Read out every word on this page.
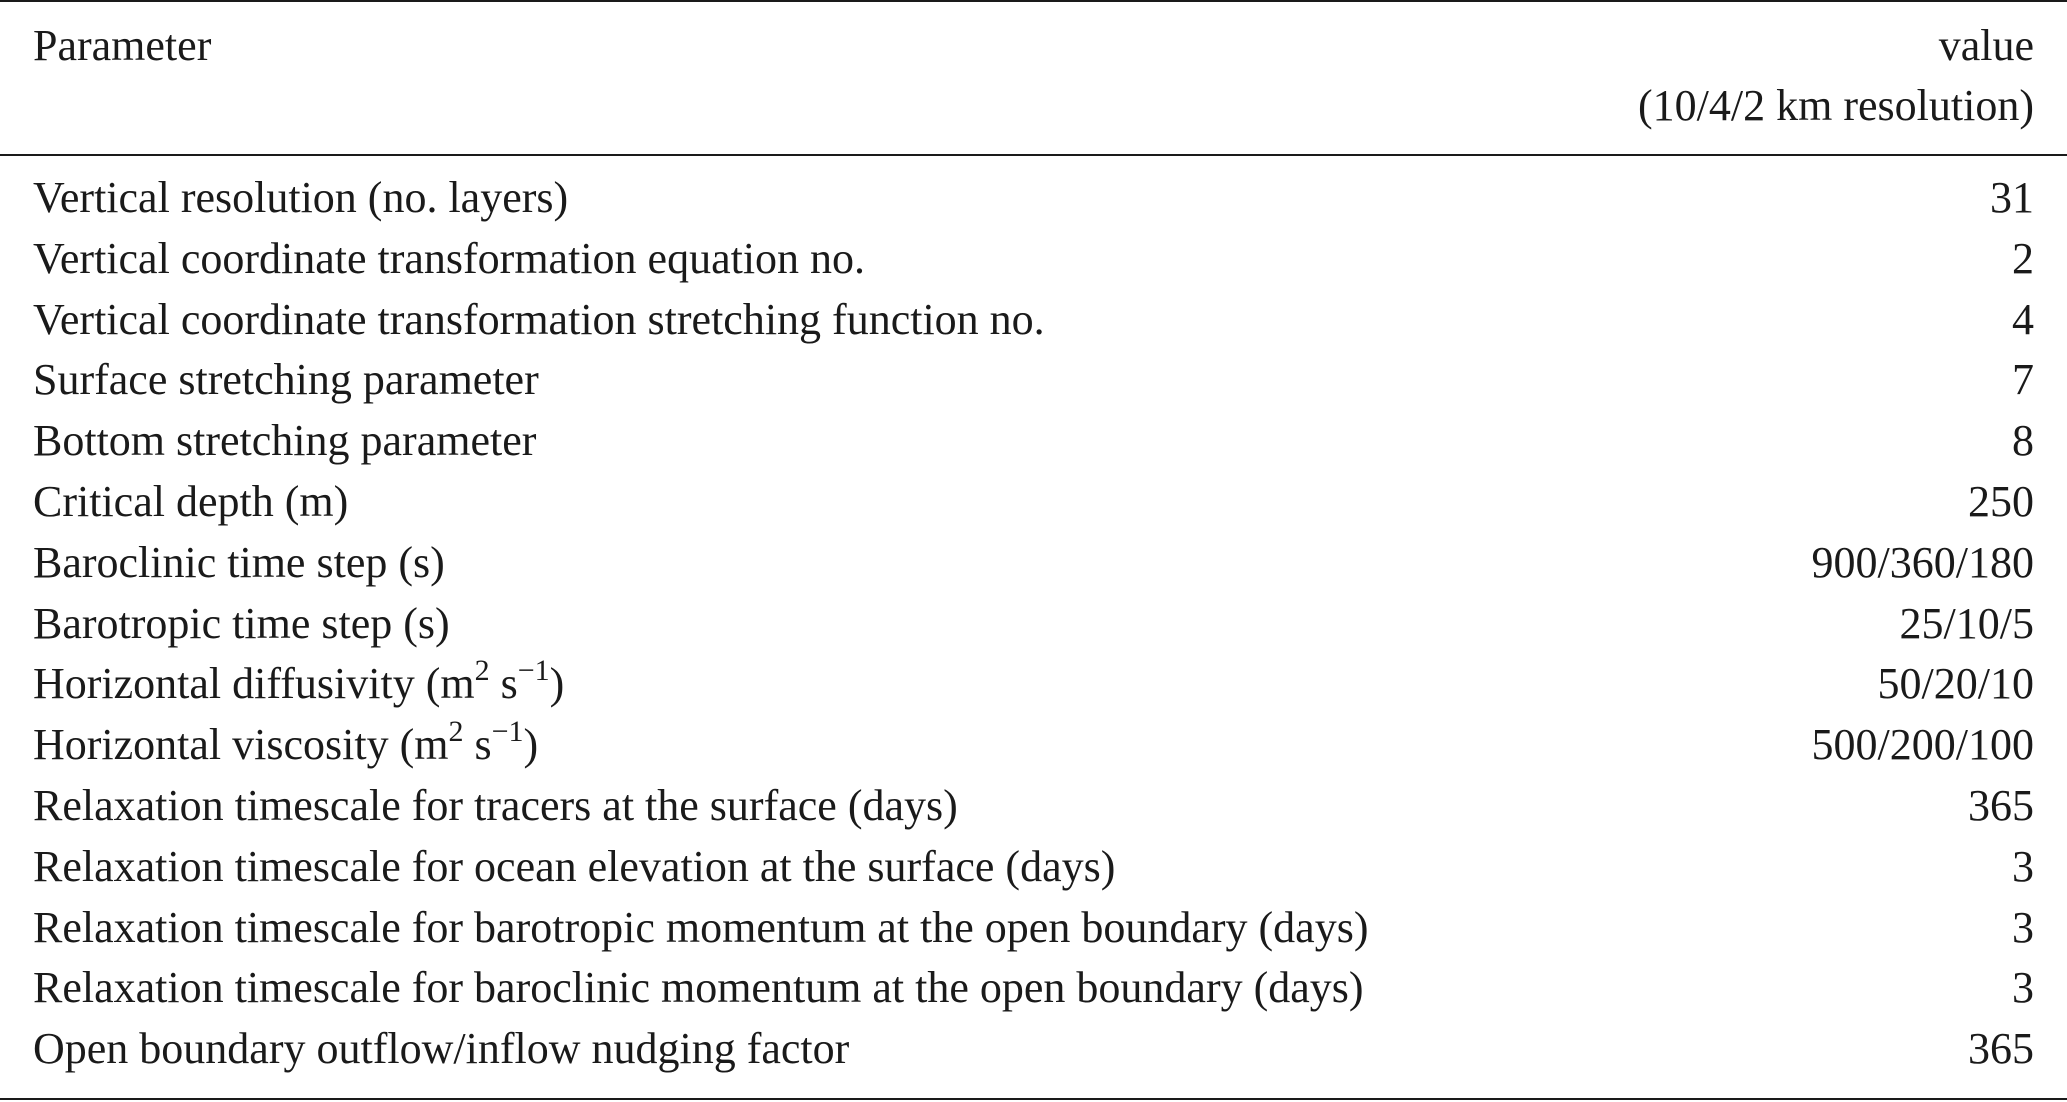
Parameter	value
(10/4/2 km resolution)
Vertical resolution (no. layers)	31
Vertical coordinate transformation equation no.	2
Vertical coordinate transformation stretching function no.	4
Surface stretching parameter	7
Bottom stretching parameter	8
Critical depth (m)	250
Baroclinic time step (s)	900/360/180
Barotropic time step (s)	25/10/5
Horizontal diffusivity ($m^2$ $s^{-1}$)	50/20/10
Horizontal viscosity ($m^2$ $s^{-1}$)	500/200/100
Relaxation timescale for tracers at the surface (days)	365
Relaxation timescale for ocean elevation at the surface (days)	3
Relaxation timescale for barotropic momentum at the open boundary (days)	3
Relaxation timescale for baroclinic momentum at the open boundary (days)	3
Open boundary outflow/inflow nudging factor	365
